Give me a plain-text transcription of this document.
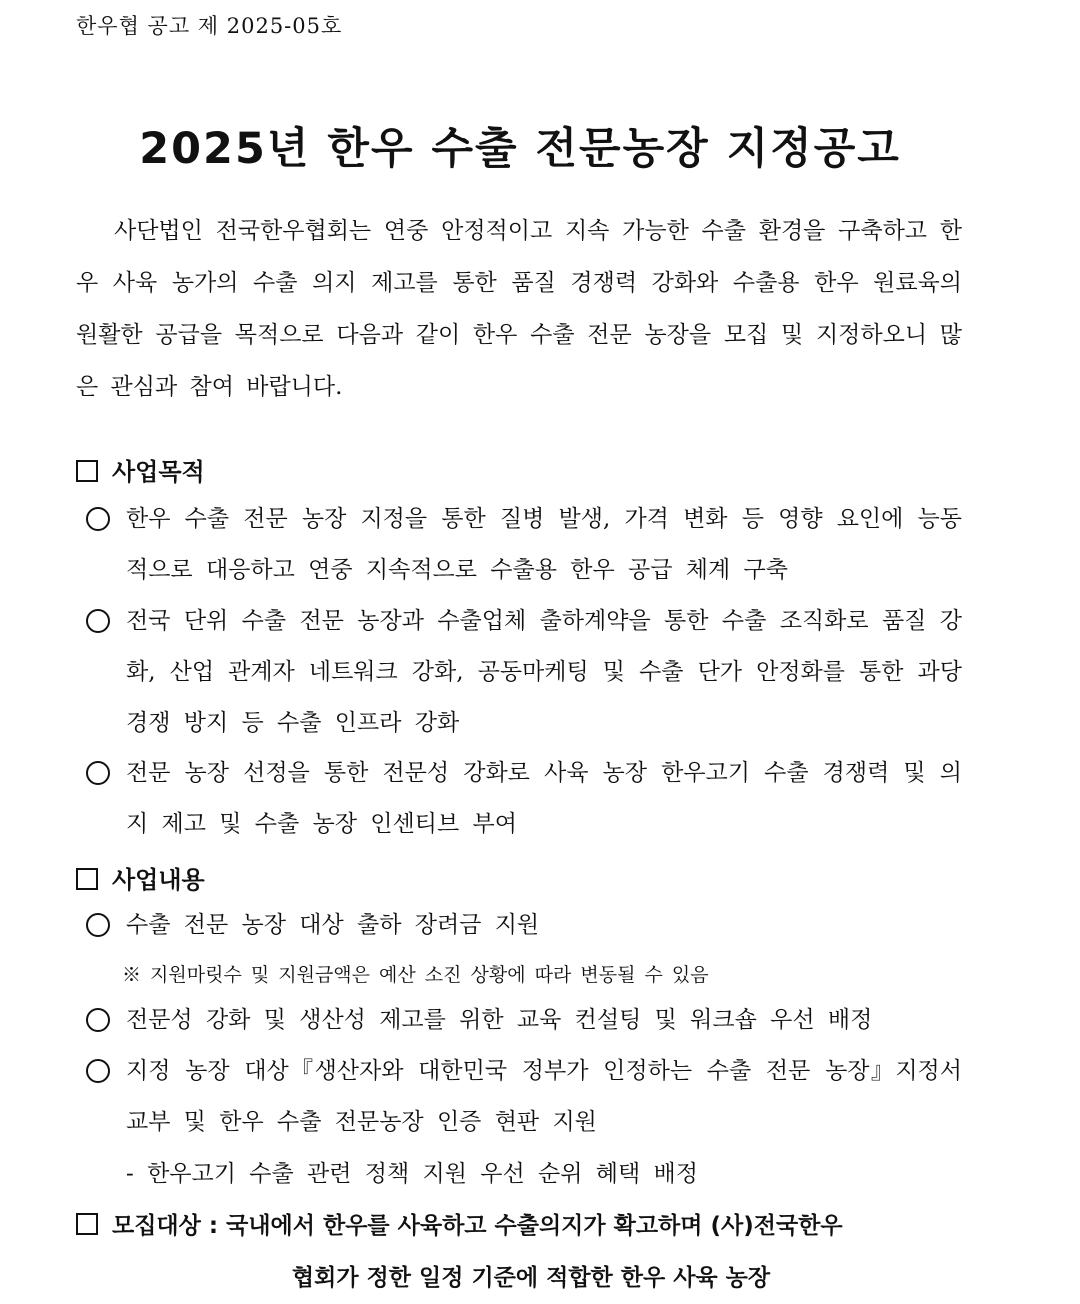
한우협 공고 제 2025-05호
2025년 한우 수출 전문농장 지정공고
사단법인 전국한우협회는 연중 안정적이고 지속 가능한 수출 환경을 구축하고 한우 사육 농가의 수출 의지 제고를 통한 품질 경쟁력 강화와 수출용 한우 원료육의 원활한 공급을 목적으로 다음과 같이 한우 수출 전문 농장을 모집 및 지정하오니 많은 관심과 참여 바랍니다.
사업목적
한우 수출 전문 농장 지정을 통한 질병 발생, 가격 변화 등 영향 요인에 능동적으로 대응하고 연중 지속적으로 수출용 한우 공급 체계 구축
전국 단위 수출 전문 농장과 수출업체 출하계약을 통한 수출 조직화로 품질 강화, 산업 관계자 네트워크 강화, 공동마케팅 및 수출 단가 안정화를 통한 과당경쟁 방지 등 수출 인프라 강화
전문 농장 선정을 통한 전문성 강화로 사육 농장 한우고기 수출 경쟁력 및 의지 제고 및 수출 농장 인센티브 부여
사업내용
수출 전문 농장 대상 출하 장려금 지원
※ 지원마릿수 및 지원금액은 예산 소진 상황에 따라 변동될 수 있음
전문성 강화 및 생산성 제고를 위한 교육 컨설팅 및 워크숍 우선 배정
지정 농장 대상『생산자와 대한민국 정부가 인정하는 수출 전문 농장』지정서 교부 및 한우 수출 전문농장 인증 현판 지원
- 한우고기 수출 관련 정책 지원 우선 순위 혜택 배정
모집대상 : 국내에서 한우를 사육하고 수출의지가 확고하며 (사)전국한우
협회가 정한 일정 기준에 적합한 한우 사육 농장
